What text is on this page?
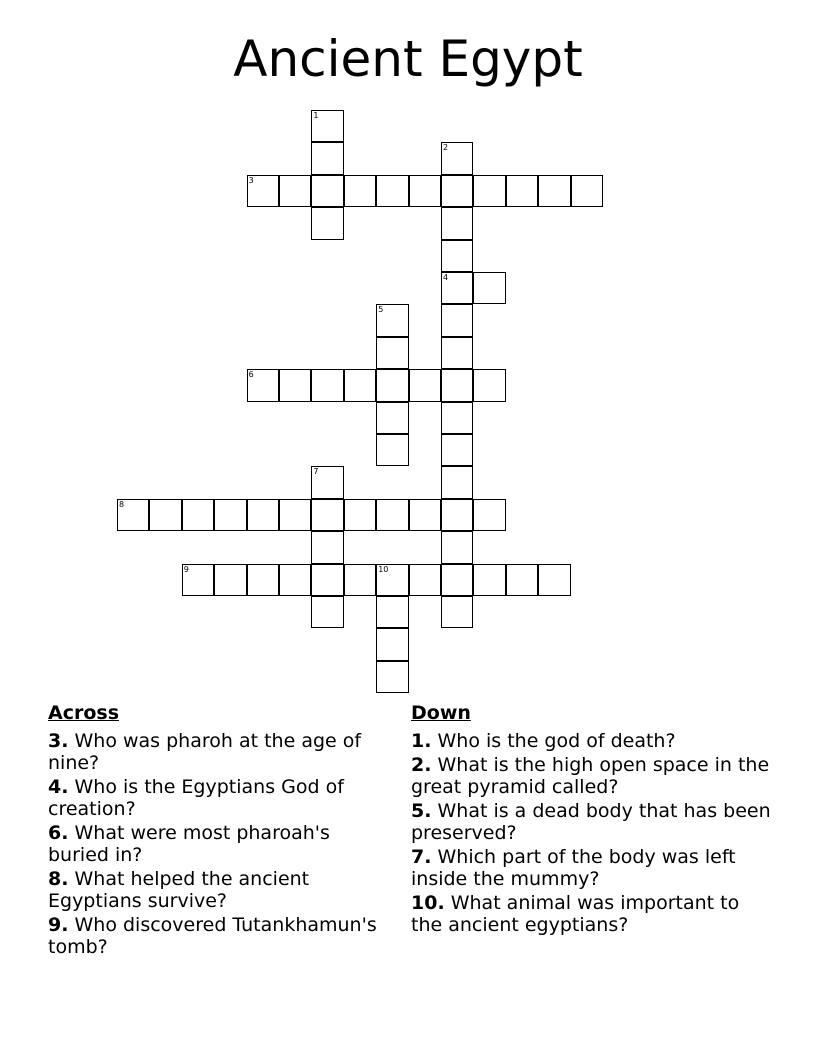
Ancient Egypt
1
2
4
3
5
6
7
8
9	10
Across
3. Who was pharoh at the age of nine?
4. Who is the Egyptians God of creation?
6. What were most pharoah's buried in?
8. What helped the ancient Egyptians survive?
9. Who discovered Tutankhamun's tomb?
Down
1. Who is the god of death?
2. What is the high open space in the great pyramid called?
5. What is a dead body that has been preserved?
7. Which part of the body was left inside the mummy?
10. What animal was important to the ancient egyptians?
